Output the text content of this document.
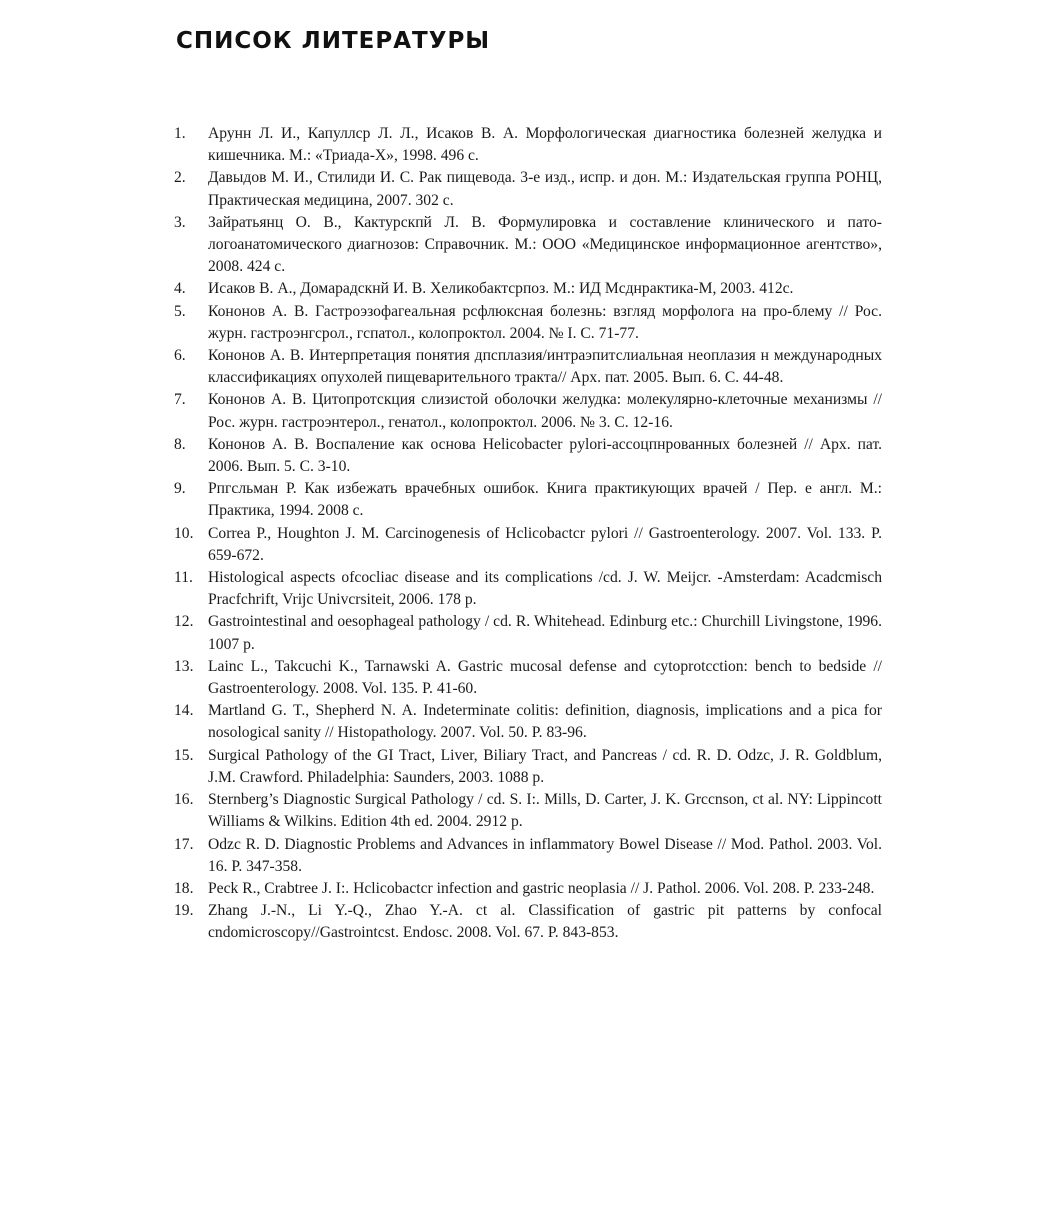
СПИСОК ЛИТЕРАТУРЫ
1. Арунн Л. И., Капуллср Л. Л., Исаков В. А. Морфологическая диагностика болезней желудка и кишечника. М.: «Триада-Х», 1998. 496 с.
2. Давыдов М. И., Стилиди И. С. Рак пищевода. 3-е изд., испр. и дон. М.: Издательская группа РОНЦ, Практическая медицина, 2007. 302 с.
3. Зайратьянц О. В., Кактурскпй Л. В. Формулировка и составление клинического и пато-логоанатомического диагнозов: Справочник. М.: ООО «Медицинское информационное агентство», 2008. 424 с.
4. Исаков В. А., Домарадскнй И. В. Хеликобактсрпоз. М.: ИД Мсднрактика-М, 2003. 412с.
5. Кононов А. В. Гастроэзофагеальная рсфлюксная болезнь: взгляд морфолога на про-блему // Рос. журн. гастроэнгсрол., гспатол., колопроктол. 2004. № I. С. 71-77.
6. Кононов А. В. Интерпретация понятия дпсплазия/интраэпитслиальная неоплазия н международных классификациях опухолей пищеварительного тракта// Арх. пат. 2005. Вып. 6. С. 44-48.
7. Кононов А. В. Цитопротскция слизистой оболочки желудка: молекулярно-клеточные механизмы // Рос. журн. гастроэнтерол., генатол., колопроктол. 2006. № 3. С. 12-16.
8. Кононов А. В. Воспаление как основа Helicobacter pylori-ассоцпнрованных болезней // Арх. пат. 2006. Вып. 5. С. 3-10.
9. Рпгсльман Р. Как избежать врачебных ошибок. Книга практикующих врачей / Пер. е англ. М.: Практика, 1994. 2008 с.
10. Correa P., Houghton J. M. Carcinogenesis of Hclicobactcr pylori // Gastroenterology. 2007. Vol. 133. P. 659-672.
11. Histological aspects ofcocliac disease and its complications /cd. J. W. Meijcr. -Amsterdam: Acadcmisch Pracfchrift, Vrijc Univcrsiteit, 2006. 178 p.
12. Gastrointestinal and oesophageal pathology / cd. R. Whitehead. Edinburg etc.: Churchill Livingstone, 1996. 1007 p.
13. Lainc L., Takcuchi K., Tarnawski A. Gastric mucosal defense and cytoprotcction: bench to bedside // Gastroenterology. 2008. Vol. 135. P. 41-60.
14. Martland G. T., Shepherd N. A. Indeterminate colitis: definition, diagnosis, implications and a pica for nosological sanity // Histopathology. 2007. Vol. 50. P. 83-96.
15. Surgical Pathology of the GI Tract, Liver, Biliary Tract, and Pancreas / cd. R. D. Odzc, J. R. Goldblum, J.M. Crawford. Philadelphia: Saunders, 2003. 1088 p.
16. Sternberg’s Diagnostic Surgical Pathology / cd. S. I:. Mills, D. Carter, J. K. Grccnson, ct al. NY: Lippincott Williams & Wilkins. Edition 4th ed. 2004. 2912 p.
17. Odzc R. D. Diagnostic Problems and Advances in inflammatory Bowel Disease // Mod. Pathol. 2003. Vol. 16. P. 347-358.
18. Peck R., Crabtree J. I:. Hclicobactcr infection and gastric neoplasia // J. Pathol. 2006. Vol. 208. P. 233-248.
19. Zhang J.-N., Li Y.-Q., Zhao Y.-A. ct al. Classification of gastric pit patterns by confocal cndomicroscopy//Gastrointcst. Endosc. 2008. Vol. 67. P. 843-853.
